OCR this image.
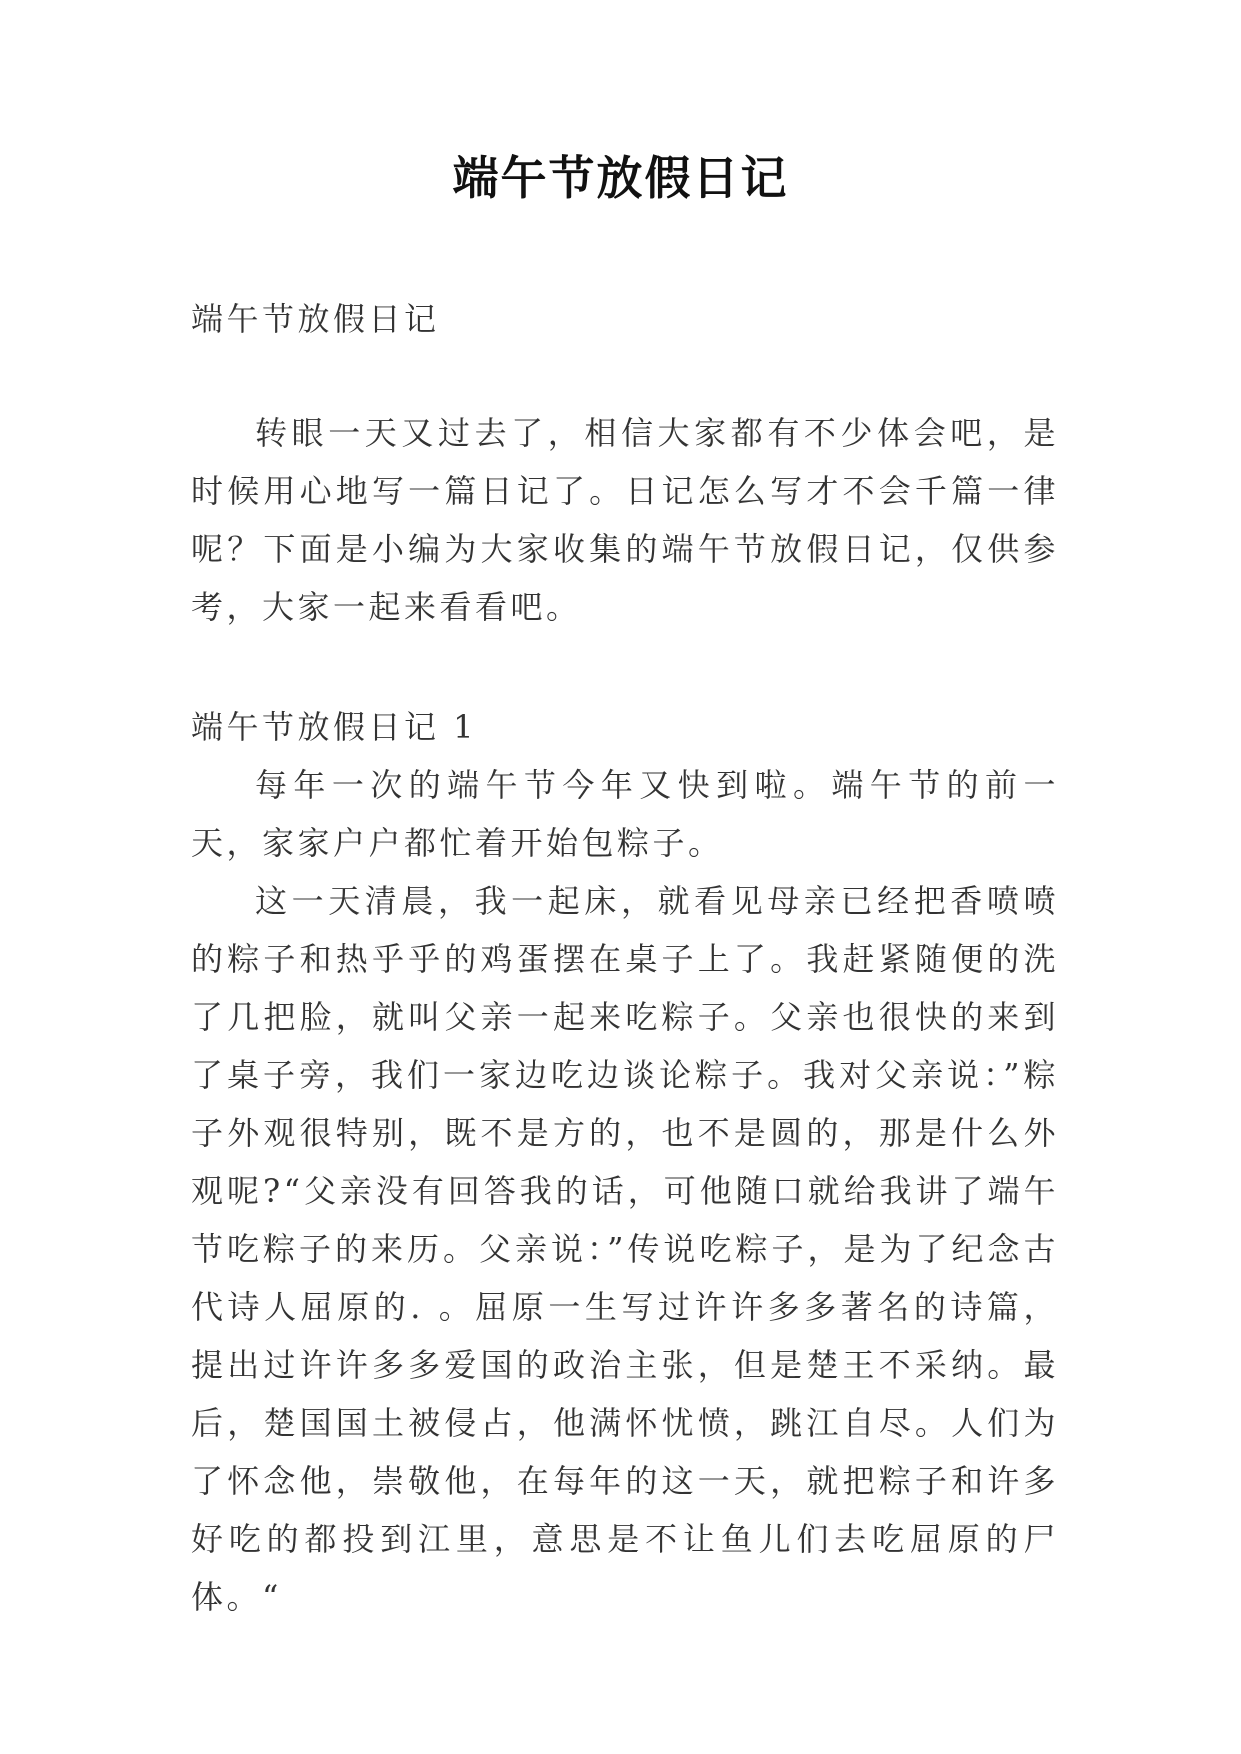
端午节放假日记

端午节放假日记

转眼一天又过去了，相信大家都有不少体会吧，是时候用心地写一篇日记了。日记怎么写才不会千篇一律呢？下面是小编为大家收集的端午节放假日记，仅供参考，大家一起来看看吧。

端午节放假日记 1

每年一次的端午节今年又快到啦。端午节的前一天，家家户户都忙着开始包粽子。

这一天清晨，我一起床，就看见母亲已经把香喷喷的粽子和热乎乎的鸡蛋摆在桌子上了。我赶紧随便的洗了几把脸，就叫父亲一起来吃粽子。父亲也很快的来到了桌子旁，我们一家边吃边谈论粽子。我对父亲说：”粽子外观很特别，既不是方的，也不是圆的，那是什么外观呢?“父亲没有回答我的话，可他随口就给我讲了端午节吃粽子的来历。父亲说：”传说吃粽子，是为了纪念古代诗人屈原的. 。屈原一生写过许许多多著名的诗篇，提出过许许多多爱国的政治主张，但是楚王不采纳。最后，楚国国土被侵占，他满怀忧愤，跳江自尽。人们为了怀念他，崇敬他，在每年的这一天，就把粽子和许多好吃的都投到江里，意思是不让鱼儿们去吃屈原的尸体。“
